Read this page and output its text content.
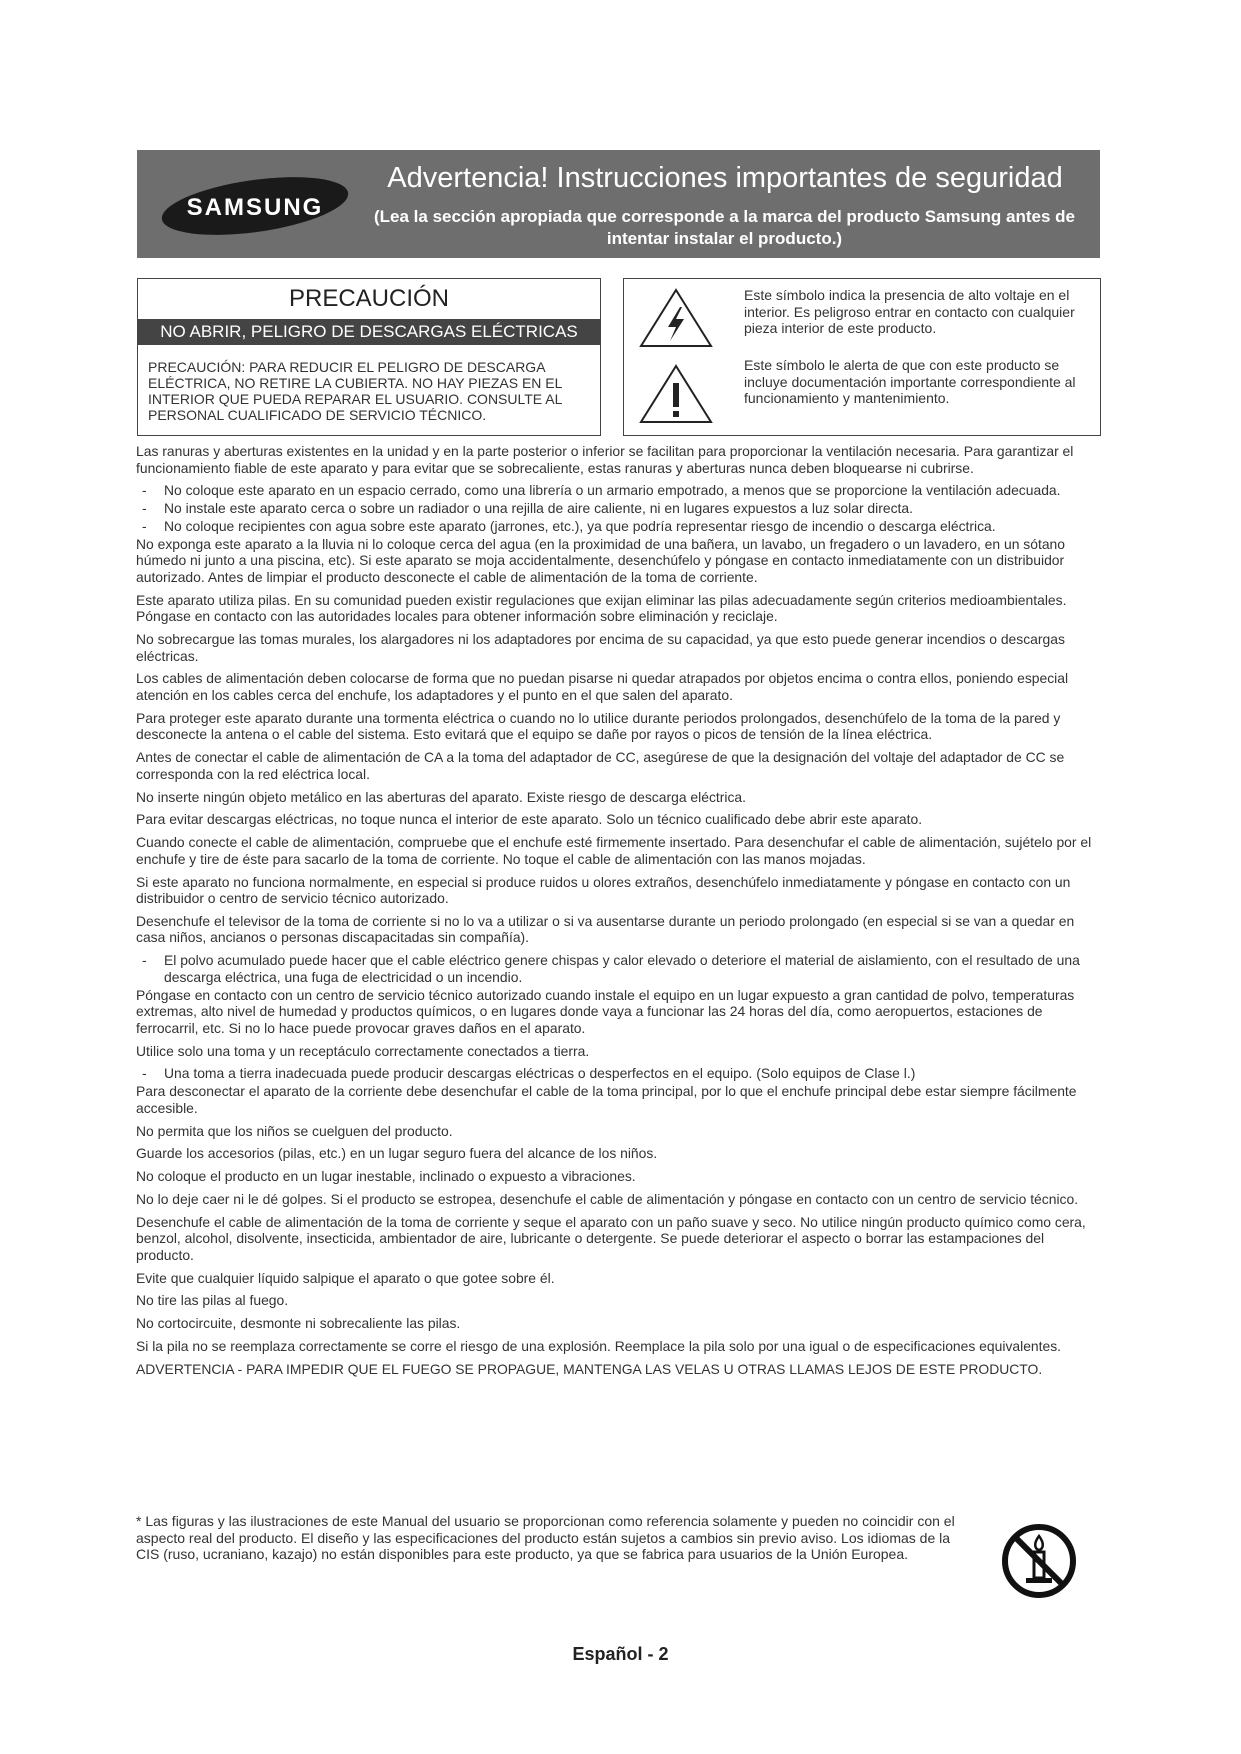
SAMSUNG
Advertencia! Instrucciones importantes de seguridad
(Lea la sección apropiada que corresponde a la marca del producto Samsung antes de intentar instalar el producto.)
PRECAUCIÓN
NO ABRIR, PELIGRO DE DESCARGAS ELÉCTRICAS
PRECAUCIÓN: PARA REDUCIR EL PELIGRO DE DESCARGA ELÉCTRICA, NO RETIRE LA CUBIERTA. NO HAY PIEZAS EN EL INTERIOR QUE PUEDA REPARAR EL USUARIO. CONSULTE AL PERSONAL CUALIFICADO DE SERVICIO TÉCNICO.
Este símbolo indica la presencia de alto voltaje en el interior. Es peligroso entrar en contacto con cualquier pieza interior de este producto.
Este símbolo le alerta de que con este producto se incluye documentación importante correspondiente al funcionamiento y mantenimiento.

Las ranuras y aberturas existentes en la unidad y en la parte posterior o inferior se facilitan para proporcionar la ventilación necesaria. Para garantizar el funcionamiento fiable de este aparato y para evitar que se sobrecaliente, estas ranuras y aberturas nunca deben bloquearse ni cubrirse.

- No coloque este aparato en un espacio cerrado, como una librería o un armario empotrado, a menos que se proporcione la ventilación adecuada.

- No instale este aparato cerca o sobre un radiador o una rejilla de aire caliente, ni en lugares expuestos a luz solar directa.

- No coloque recipientes con agua sobre este aparato (jarrones, etc.), ya que podría representar riesgo de incendio o descarga eléctrica.

No exponga este aparato a la lluvia ni lo coloque cerca del agua (en la proximidad de una bañera, un lavabo, un fregadero o un lavadero, en un sótano húmedo ni junto a una piscina, etc). Si este aparato se moja accidentalmente, desenchúfelo y póngase en contacto inmediatamente con un distribuidor autorizado. Antes de limpiar el producto desconecte el cable de alimentación de la toma de corriente.

Este aparato utiliza pilas. En su comunidad pueden existir regulaciones que exijan eliminar las pilas adecuadamente según criterios medioambientales. Póngase en contacto con las autoridades locales para obtener información sobre eliminación y reciclaje.

No sobrecargue las tomas murales, los alargadores ni los adaptadores por encima de su capacidad, ya que esto puede generar incendios o descargas eléctricas.

Los cables de alimentación deben colocarse de forma que no puedan pisarse ni quedar atrapados por objetos encima o contra ellos, poniendo especial atención en los cables cerca del enchufe, los adaptadores y el punto en el que salen del aparato.

Para proteger este aparato durante una tormenta eléctrica o cuando no lo utilice durante periodos prolongados, desenchúfelo de la toma de la pared y desconecte la antena o el cable del sistema. Esto evitará que el equipo se dañe por rayos o picos de tensión de la línea eléctrica.

Antes de conectar el cable de alimentación de CA a la toma del adaptador de CC, asegúrese de que la designación del voltaje del adaptador de CC se corresponda con la red eléctrica local.

No inserte ningún objeto metálico en las aberturas del aparato. Existe riesgo de descarga eléctrica.

Para evitar descargas eléctricas, no toque nunca el interior de este aparato. Solo un técnico cualificado debe abrir este aparato.

Cuando conecte el cable de alimentación, compruebe que el enchufe esté firmemente insertado. Para desenchufar el cable de alimentación, sujételo por el enchufe y tire de éste para sacarlo de la toma de corriente. No toque el cable de alimentación con las manos mojadas.

Si este aparato no funciona normalmente, en especial si produce ruidos u olores extraños, desenchúfelo inmediatamente y póngase en contacto con un distribuidor o centro de servicio técnico autorizado.

Desenchufe el televisor de la toma de corriente si no lo va a utilizar o si va ausentarse durante un periodo prolongado (en especial si se van a quedar en casa niños, ancianos o personas discapacitadas sin compañía).

- El polvo acumulado puede hacer que el cable eléctrico genere chispas y calor elevado o deteriore el material de aislamiento, con el resultado de una descarga eléctrica, una fuga de electricidad o un incendio.

Póngase en contacto con un centro de servicio técnico autorizado cuando instale el equipo en un lugar expuesto a gran cantidad de polvo, temperaturas extremas, alto nivel de humedad y productos químicos, o en lugares donde vaya a funcionar las 24 horas del día, como aeropuertos, estaciones de ferrocarril, etc. Si no lo hace puede provocar graves daños en el aparato.

Utilice solo una toma y un receptáculo correctamente conectados a tierra.

- Una toma a tierra inadecuada puede producir descargas eléctricas o desperfectos en el equipo. (Solo equipos de Clase l.)

Para desconectar el aparato de la corriente debe desenchufar el cable de la toma principal, por lo que el enchufe principal debe estar siempre fácilmente accesible.

No permita que los niños se cuelguen del producto.

Guarde los accesorios (pilas, etc.) en un lugar seguro fuera del alcance de los niños.

No coloque el producto en un lugar inestable, inclinado o expuesto a vibraciones.

No lo deje caer ni le dé golpes. Si el producto se estropea, desenchufe el cable de alimentación y póngase en contacto con un centro de servicio técnico.

Desenchufe el cable de alimentación de la toma de corriente y seque el aparato con un paño suave y seco. No utilice ningún producto químico como cera, benzol, alcohol, disolvente, insecticida, ambientador de aire, lubricante o detergente. Se puede deteriorar el aspecto o borrar las estampaciones del producto.

Evite que cualquier líquido salpique el aparato o que gotee sobre él.

No tire las pilas al fuego.

No cortocircuite, desmonte ni sobrecaliente las pilas.

Si la pila no se reemplaza correctamente se corre el riesgo de una explosión. Reemplace la pila solo por una igual o de especificaciones equivalentes.

ADVERTENCIA - PARA IMPEDIR QUE EL FUEGO SE PROPAGUE, MANTENGA LAS VELAS U OTRAS LLAMAS LEJOS DE ESTE PRODUCTO.

* Las figuras y las ilustraciones de este Manual del usuario se proporcionan como referencia solamente y pueden no coincidir con el aspecto real del producto. El diseño y las especificaciones del producto están sujetos a cambios sin previo aviso. Los idiomas de la CIS (ruso, ucraniano, kazajo) no están disponibles para este producto, ya que se fabrica para usuarios de la Unión Europea.
Español - 2
